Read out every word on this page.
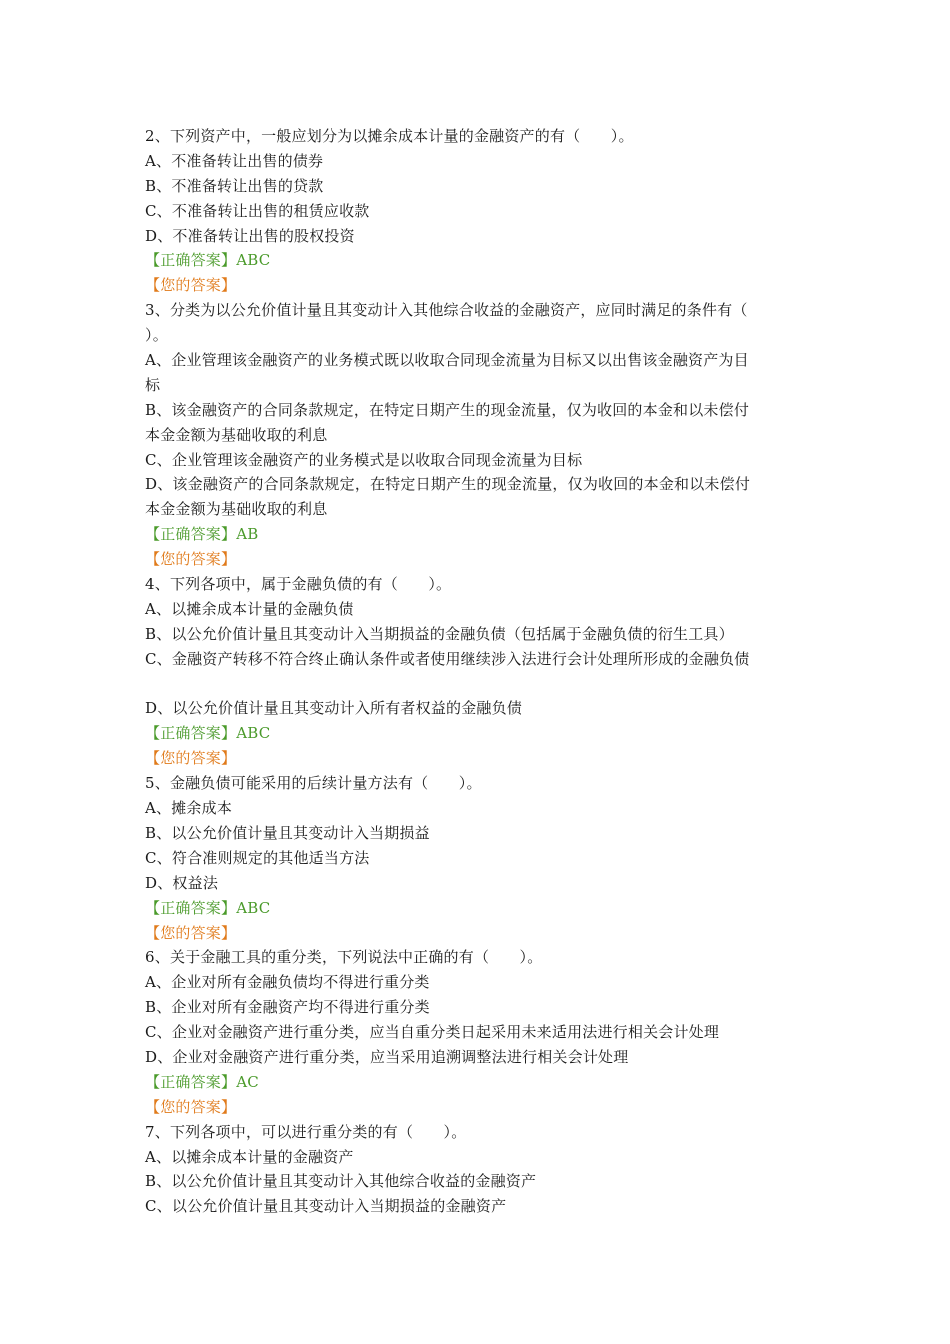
2、下列资产中，一般应划分为以摊余成本计量的金融资产的有（　　）。
A、不准备转让出售的债券
B、不准备转让出售的贷款
C、不准备转让出售的租赁应收款
D、不准备转让出售的股权投资
【正确答案】ABC
【您的答案】
3、分类为以公允价值计量且其变动计入其他综合收益的金融资产，应同时满足的条件有（
）。
A、企业管理该金融资产的业务模式既以收取合同现金流量为目标又以出售该金融资产为目
标
B、该金融资产的合同条款规定，在特定日期产生的现金流量，仅为收回的本金和以未偿付
本金金额为基础收取的利息
C、企业管理该金融资产的业务模式是以收取合同现金流量为目标
D、该金融资产的合同条款规定，在特定日期产生的现金流量，仅为收回的本金和以未偿付
本金金额为基础收取的利息
【正确答案】AB
【您的答案】
4、下列各项中，属于金融负债的有（　　）。
A、以摊余成本计量的金融负债
B、以公允价值计量且其变动计入当期损益的金融负债（包括属于金融负债的衍生工具）
C、金融资产转移不符合终止确认条件或者使用继续涉入法进行会计处理所形成的金融负债

D、以公允价值计量且其变动计入所有者权益的金融负债
【正确答案】ABC
【您的答案】
5、金融负债可能采用的后续计量方法有（　　）。
A、摊余成本
B、以公允价值计量且其变动计入当期损益
C、符合准则规定的其他适当方法
D、权益法
【正确答案】ABC
【您的答案】
6、关于金融工具的重分类，下列说法中正确的有（　　）。
A、企业对所有金融负债均不得进行重分类
B、企业对所有金融资产均不得进行重分类
C、企业对金融资产进行重分类，应当自重分类日起采用未来适用法进行相关会计处理
D、企业对金融资产进行重分类，应当采用追溯调整法进行相关会计处理
【正确答案】AC
【您的答案】
7、下列各项中，可以进行重分类的有（　　）。
A、以摊余成本计量的金融资产
B、以公允价值计量且其变动计入其他综合收益的金融资产
C、以公允价值计量且其变动计入当期损益的金融资产
